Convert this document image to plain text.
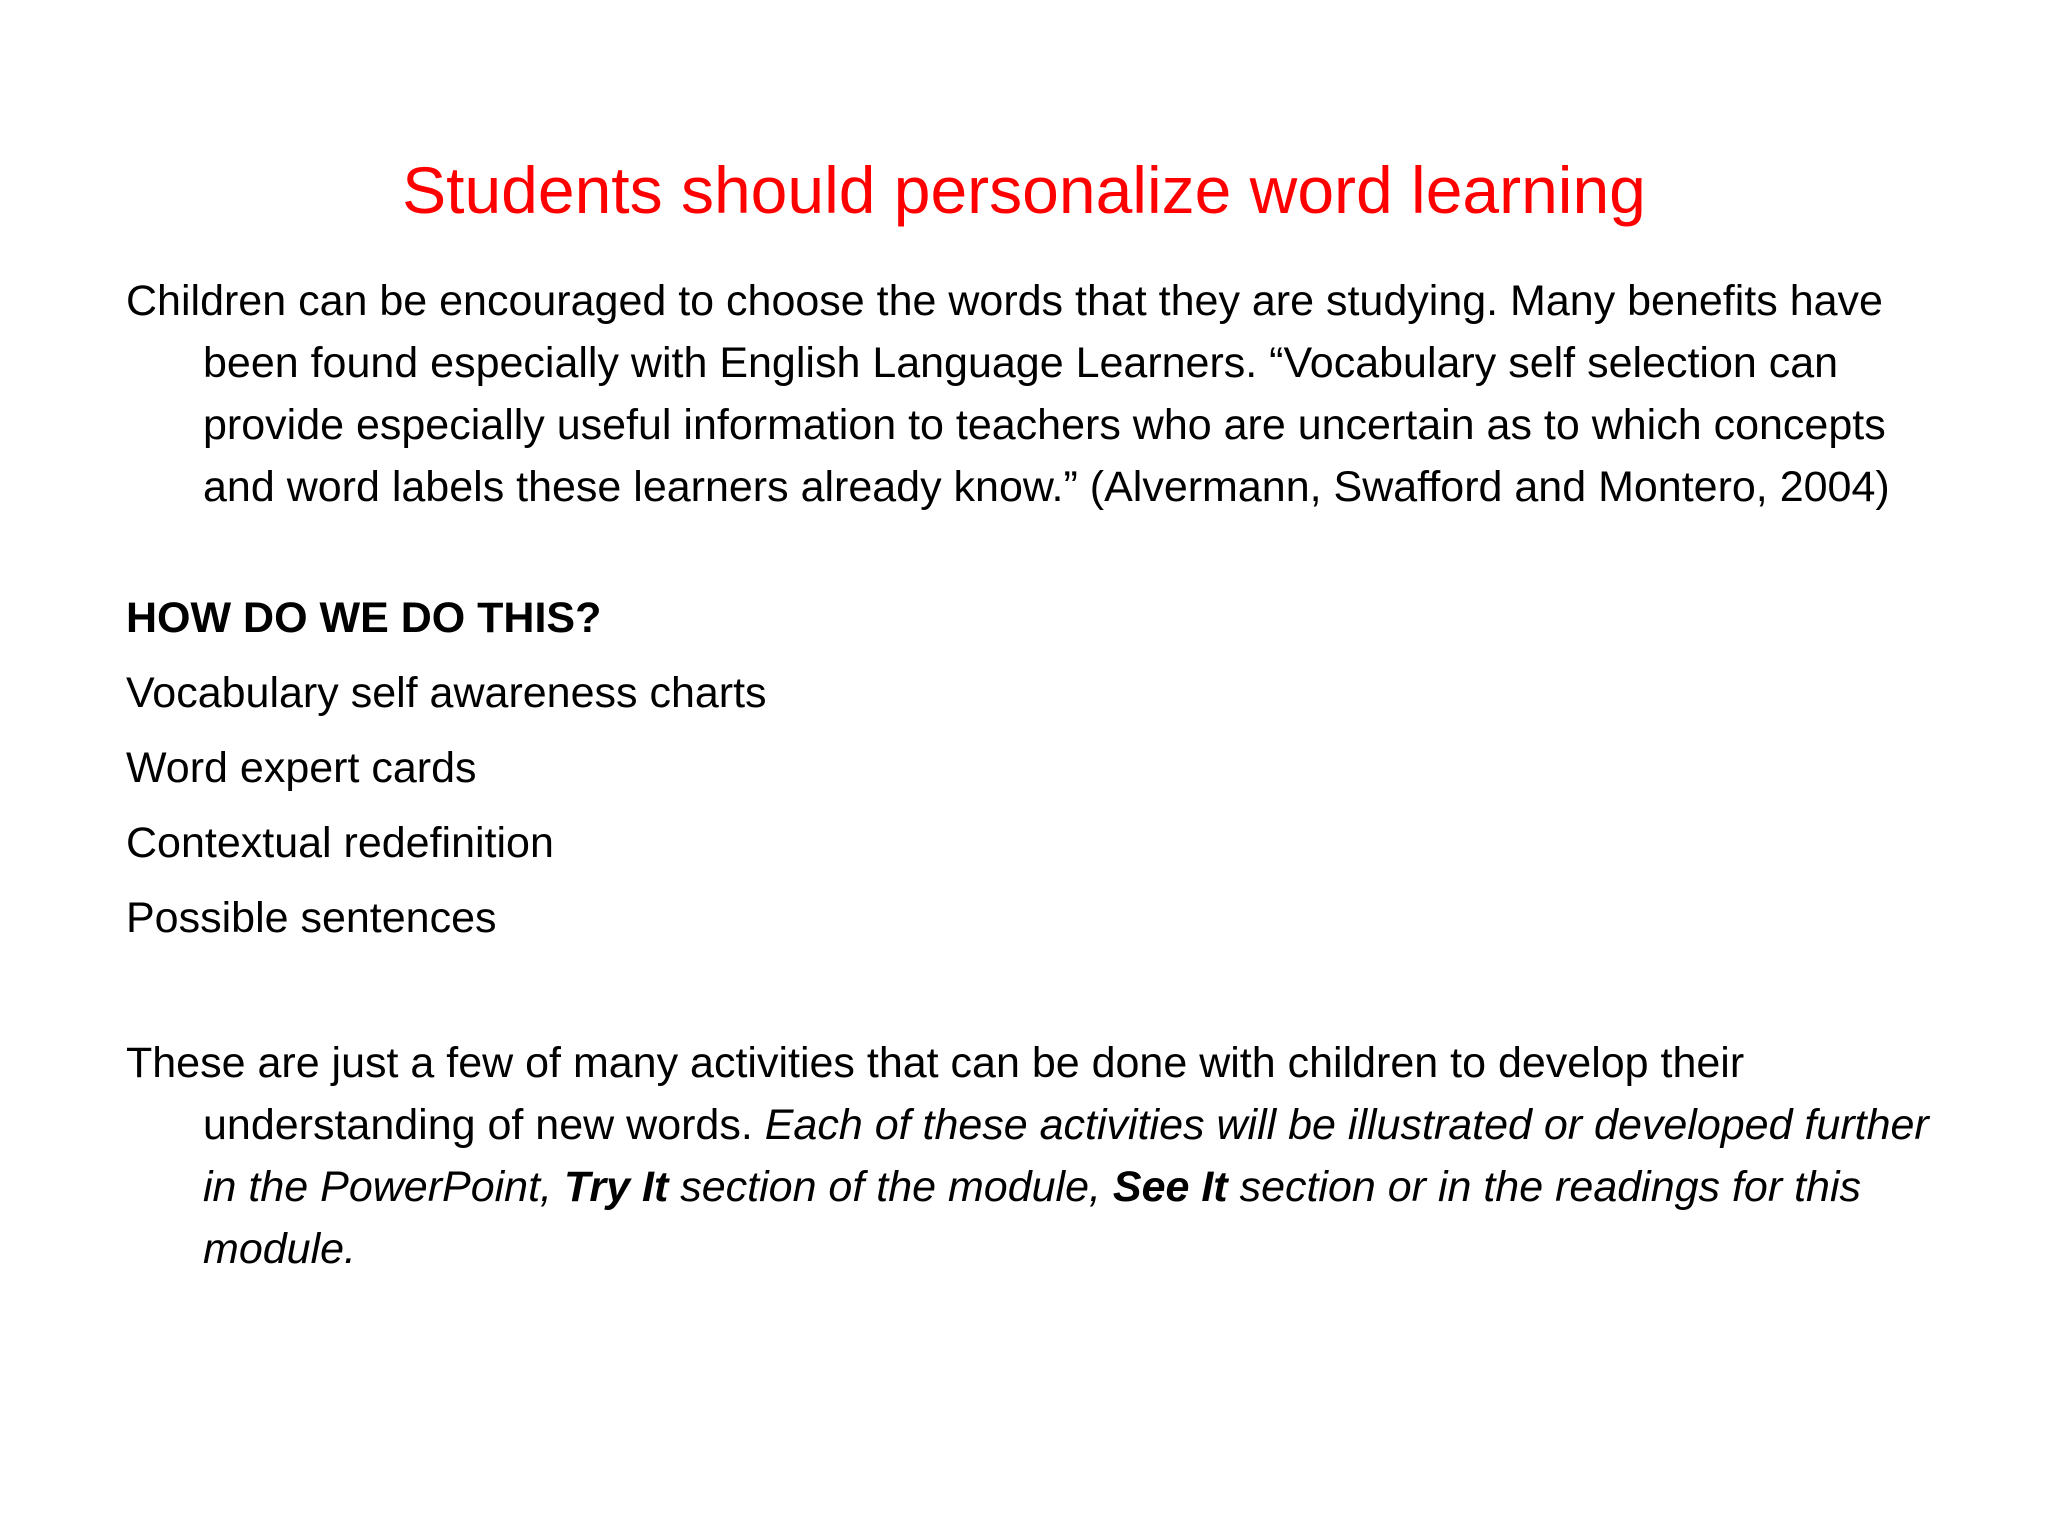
Students should personalize word learning

Children can be encouraged to choose the words that they are studying. Many benefits have been found especially with English Language Learners. “Vocabulary self selection can provide especially useful information to teachers who are uncertain as to which concepts and word labels these learners already know.” (Alvermann, Swafford and Montero, 2004)

HOW DO WE DO THIS?

Vocabulary self awareness charts

Word expert cards

Contextual redefinition

Possible sentences

These are just a few of many activities that can be done with children to develop their understanding of new words. Each of these activities will be illustrated or developed further in the PowerPoint, Try It section of the module, See It section or in the readings for this module.
